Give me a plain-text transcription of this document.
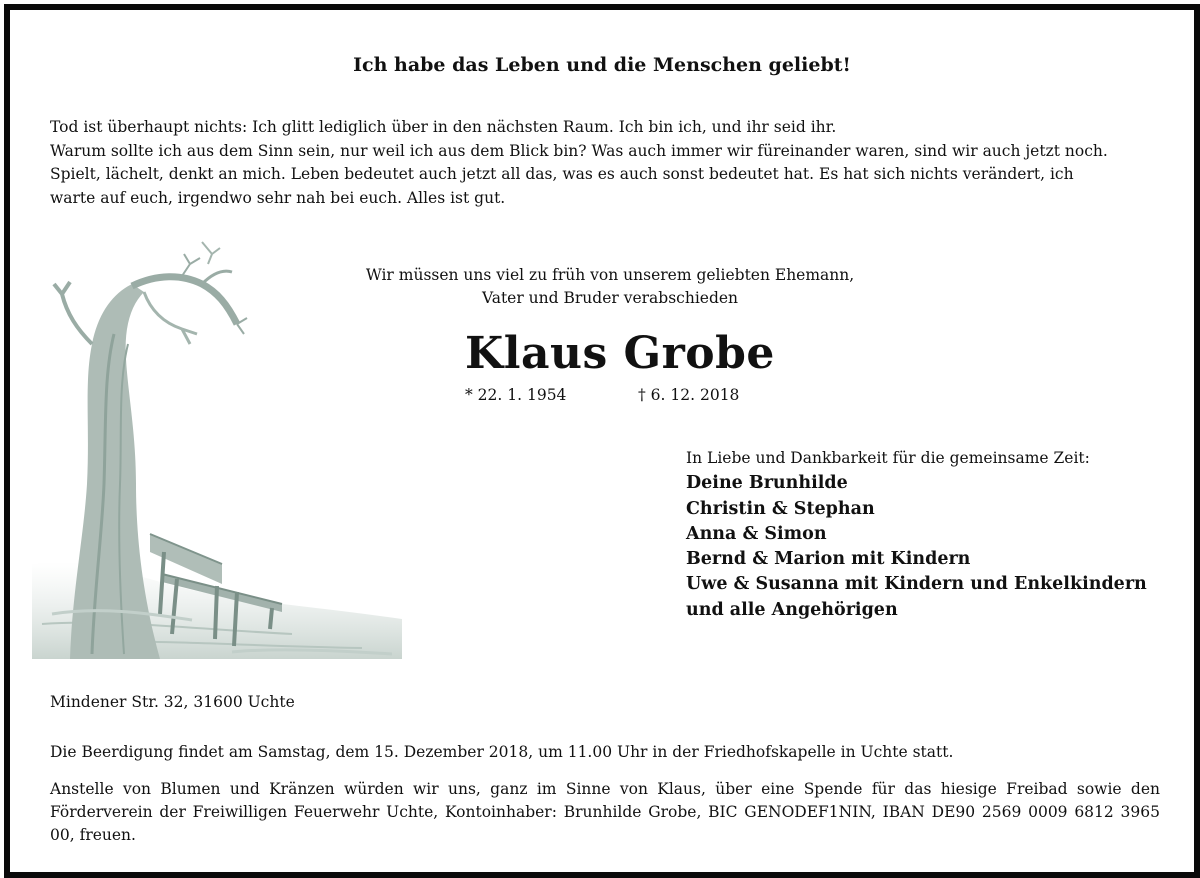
Ich habe das Leben und die Menschen geliebt!
Tod ist überhaupt nichts: Ich glitt lediglich über in den nächsten Raum. Ich bin ich, und ihr seid ihr.
Warum sollte ich aus dem Sinn sein, nur weil ich aus dem Blick bin? Was auch immer wir füreinander waren, sind wir auch jetzt noch.
Spielt, lächelt, denkt an mich. Leben bedeutet auch jetzt all das, was es auch sonst bedeutet hat. Es hat sich nichts verändert, ich
warte auf euch, irgendwo sehr nah bei euch. Alles ist gut.
Wir müssen uns viel zu früh von unserem geliebten Ehemann,
Vater und Bruder verabschieden
Klaus Grobe
* 22. 1. 1954	† 6. 12. 2018
In Liebe und Dankbarkeit für die gemeinsame Zeit:
Deine Brunhilde
Christin & Stephan
Anna & Simon
Bernd & Marion mit Kindern
Uwe & Susanna mit Kindern und Enkelkindern
und alle Angehörigen
Mindener Str. 32, 31600 Uchte
Die Beerdigung findet am Samstag, dem 15. Dezember 2018, um 11.00 Uhr in der Friedhofskapelle in Uchte statt.
Anstelle von Blumen und Kränzen würden wir uns, ganz im Sinne von Klaus, über eine Spende für das hiesige Freibad sowie den Förderverein der Freiwilligen Feuerwehr Uchte, Kontoinhaber: Brunhilde Grobe, BIC GENODEF1NIN, IBAN DE90 2569 0009 6812 3965 00, freuen.
